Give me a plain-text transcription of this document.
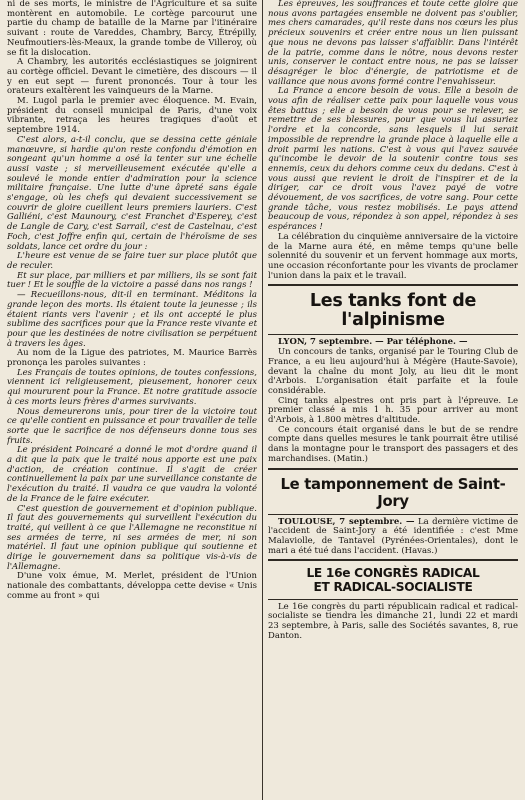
ni de ses morts, le ministre de l'Agriculture et sa suite montèrent en automobile. Le cortège parcourut une partie du champ de bataille de la Marne par l'itinéraire suivant : route de Vareddes, Chambry, Barcy, Étrépilly, Neufmoutiers-lès-Meaux, la grande tombe de Villeroy, où se fit la dislocation.

A Chambry, les autorités ecclésiastiques se joignirent au cortège officiel. Devant le cimetière, des discours — il y en eut sept — furent prononcés. Tour à tour les orateurs exaltèrent les vainqueurs de la Marne.

M. Lugol parla le premier avec éloquence. M. Evain, président du conseil municipal de Paris, d'une voix vibrante, retraça les heures tragiques d'août et septembre 1914.

C'est alors, a-t-il conclu, que se dessina cette géniale manœuvre, si hardie qu'on reste confondu d'émotion en songeant qu'un homme a osé la tenter sur une échelle aussi vaste ; si merveilleusement exécutée qu'elle a soulevé le monde entier d'admiration pour la science militaire française. Une lutte d'une âpreté sans égale s'engage, où les chefs qui devaient successivement se couvrir de gloire cueillent leurs premiers lauriers. C'est Galliéni, c'est Maunoury, c'est Franchet d'Esperey, c'est de Langle de Cary, c'est Sarrail, c'est de Castelnau, c'est Foch, c'est Joffre enfin qui, certain de l'héroïsme de ses soldats, lance cet ordre du jour :

L'heure est venue de se faire tuer sur place plutôt que de reculer.

Et sur place, par milliers et par milliers, ils se sont fait tuer ! Et le souffle de la victoire a passé dans nos rangs !

— Recueillons-nous, dit-il en terminant. Méditons la grande leçon des morts. Ils étaient toute la jeunesse ; ils étaient riants vers l'avenir ; et ils ont accepté le plus sublime des sacrifices pour que la France reste vivante et pour que les destinées de notre civilisation se perpétuent à travers les âges.

Au nom de la Ligue des patriotes, M. Maurice Barrès prononça les paroles suivantes :

Les Français de toutes opinions, de toutes confessions, viennent ici religieusement, pieusement, honorer ceux qui moururent pour la France. Et notre gratitude associe à ces morts leurs frères d'armes survivants.

Nous demeurerons unis, pour tirer de la victoire tout ce qu'elle contient en puissance et pour travailler de telle sorte que le sacrifice de nos défenseurs donne tous ses fruits.

Le président Poincaré a donné le mot d'ordre quand il a dit que la paix que le traité nous apporte est une paix d'action, de création continue. Il s'agit de créer continuellement la paix par une surveillance constante de l'exécution du traité. Il vaudra ce que vaudra la volonté de la France de le faire exécuter.

C'est question de gouvernement et d'opinion publique. Il faut des gouvernements qui surveillent l'exécution du traité, qui veillent à ce que l'Allemagne ne reconstitue ni ses armées de terre, ni ses armées de mer, ni son matériel. Il faut une opinion publique qui soutienne et dirige le gouvernement dans sa politique vis-à-vis de l'Allemagne.

D'une voix émue, M. Merlet, président de l'Union nationale des combattants, développa cette devise « Unis comme au front » qui

Les épreuves, les souffrances et toute cette gloire que nous avons partagées ensemble ne doivent pas s'oublier, mes chers camarades, qu'il reste dans nos cœurs les plus précieux souvenirs et créer entre nous un lien puissant que nous ne devons pas laisser s'affaiblir. Dans l'intérêt de la patrie, comme dans le nôtre, nous devons rester unis, conserver le contact entre nous, ne pas se laisser désagréger le bloc d'énergie, de patriotisme et de vaillance que nous avons formé contre l'envahisseur.

La France a encore besoin de vous. Elle a besoin de vous afin de réaliser cette paix pour laquelle vous vous êtes battus ; elle a besoin de vous pour se relever, se remettre de ses blessures, pour que vous lui assuriez l'ordre et la concorde, sans lesquels il lui serait impossible de reprendre la grande place à laquelle elle a droit parmi les nations. C'est à vous qui l'avez sauvée qu'incombe le devoir de la soutenir contre tous ses ennemis, ceux du dehors comme ceux du dedans. C'est à vous aussi que revient le droit de l'inspirer et de la diriger, car ce droit vous l'avez payé de votre dévouement, de vos sacrifices, de votre sang. Pour cette grande tâche, vous restez mobilisés. Le pays attend beaucoup de vous, répondez à son appel, répondez à ses espérances !

La célébration du cinquième anniversaire de la victoire de la Marne aura été, en même temps qu'une belle solennité du souvenir et un fervent hommage aux morts, une occasion réconfortante pour les vivants de proclamer l'union dans la paix et le travail.

Les tanks font de l'alpinisme

LYON, 7 septembre. — Par téléphone. —

Un concours de tanks, organisé par le Touring Club de France, a eu lieu aujourd'hui à Mégère (Haute-Savoie), devant la chaîne du mont Joly, au lieu dit le mont d'Arbois. L'organisation était parfaite et la foule considérable.

Cinq tanks alpestres ont pris part à l'épreuve. Le premier classé a mis 1 h. 35 pour arriver au mont d'Arbois, à 1.800 mètres d'altitude.

Ce concours était organisé dans le but de se rendre compte dans quelles mesures le tank pourrait être utilisé dans la montagne pour le transport des passagers et des marchandises. (Matin.)

Le tamponnement de Saint-Jory

TOULOUSE, 7 septembre. — La dernière victime de l'accident de Saint-Jory a été identifiée : c'est Mme Malaviolle, de Tantavel (Pyrénées-Orientales), dont le mari a été tué dans l'accident. (Havas.)

LE 16e CONGRÈS RADICAL
ET RADICAL-SOCIALISTE

Le 16e congrès du parti républicain radical et radical-socialiste se tiendra les dimanche 21, lundi 22 et mardi 23 septembre, à Paris, salle des Sociétés savantes, 8, rue Danton.
